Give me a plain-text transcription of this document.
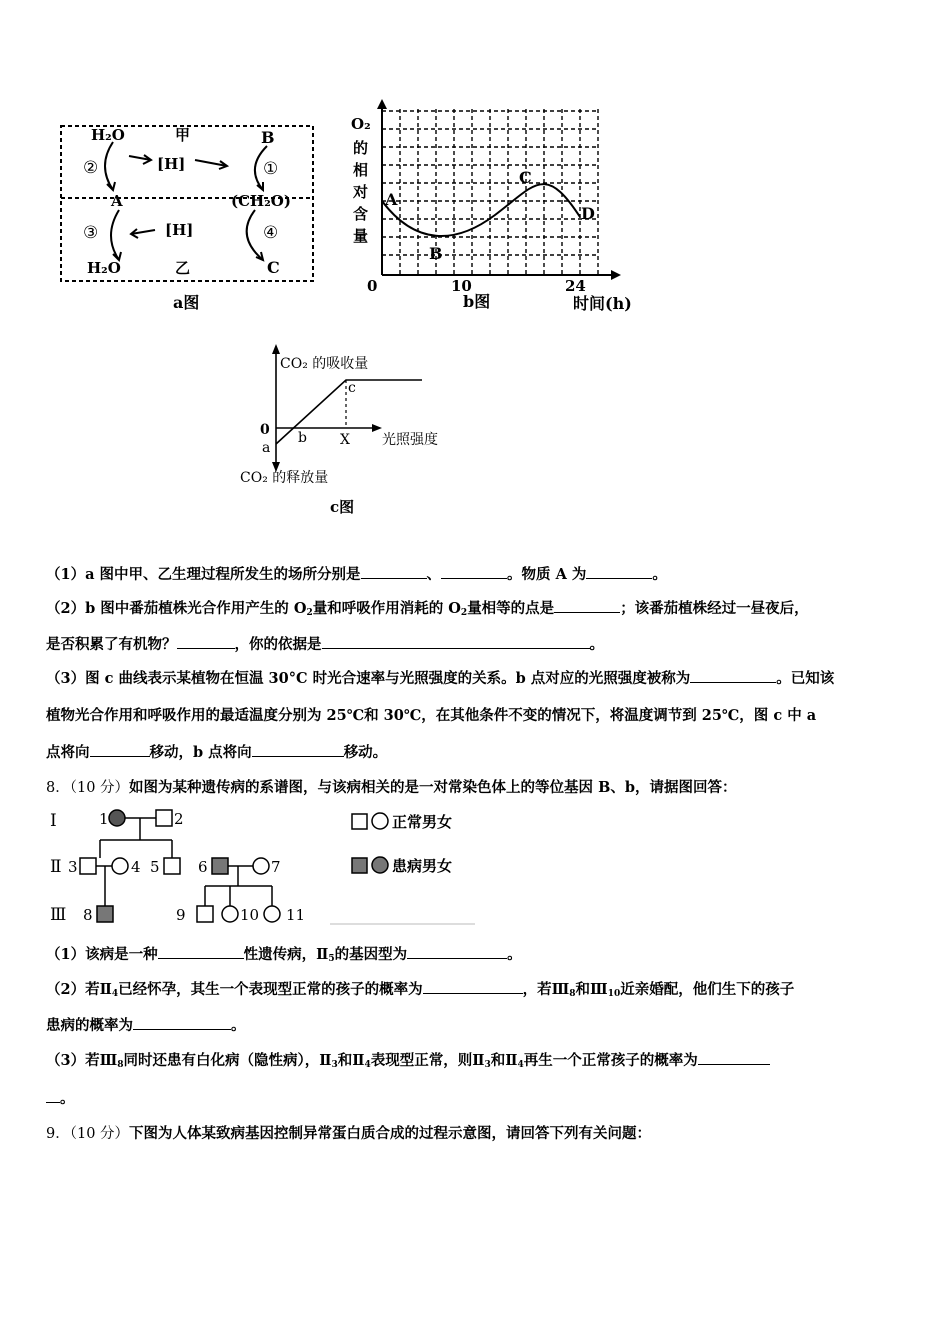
H₂O	甲	B
②	[H]	①
A	(CH₂O)
③	[H]	④
H₂O	乙	C
a图
O₂
的
相
对
含
量
A
B
C
D
0	10	24
b图	时间(h)
CO₂ 的吸收量
0
a
b
c
X 光照强度
CO₂ 的释放量
c图
（1）a 图中甲、乙生理过程所发生的场所分别是	、	。物质 A 为	。
（2）b 图中番茄植株光合作用产生的 $O_2$量和呼吸作用消耗的 $O_2$量相等的点是	；该番茄植株经过一昼夜后，
是否积累了有机物？	，你的依据是	。
（3）图 c 曲线表示某植物在恒温 30°C 时光合速率与光照强度的关系。b 点对应的光照强度被称为	。已知该
植物光合作用和呼吸作用的最适温度分别为 25℃和 30℃，在其他条件不变的情况下，将温度调节到 25℃，图 c 中 a
点将向	移动，b 点将向	移动。
8．（10 分）如图为某种遗传病的系谱图，与该病相关的是一对常染色体上的等位基因 B、b，请据图回答：
Ⅰ
Ⅱ
Ⅲ
1	2
3	4 5	6	7
8	9	10 11
正常男女
患病男女
（1）该病是一种	性遗传病，$Ⅱ_5$的基因型为	。
（2）若$Ⅱ_4$已经怀孕，其生一个表现型正常的孩子的概率为	，若$Ⅲ_8$和$Ⅲ_{10}$近亲婚配，他们生下的孩子
患病的概率为	。
（3）若$Ⅲ_8$同时还患有白化病（隐性病），$Ⅱ_3$和$Ⅱ_4$表现型正常，则$Ⅱ_3$和$Ⅱ_4$再生一个正常孩子的概率为
。
9．（10 分）下图为人体某致病基因控制异常蛋白质合成的过程示意图，请回答下列有关问题：
